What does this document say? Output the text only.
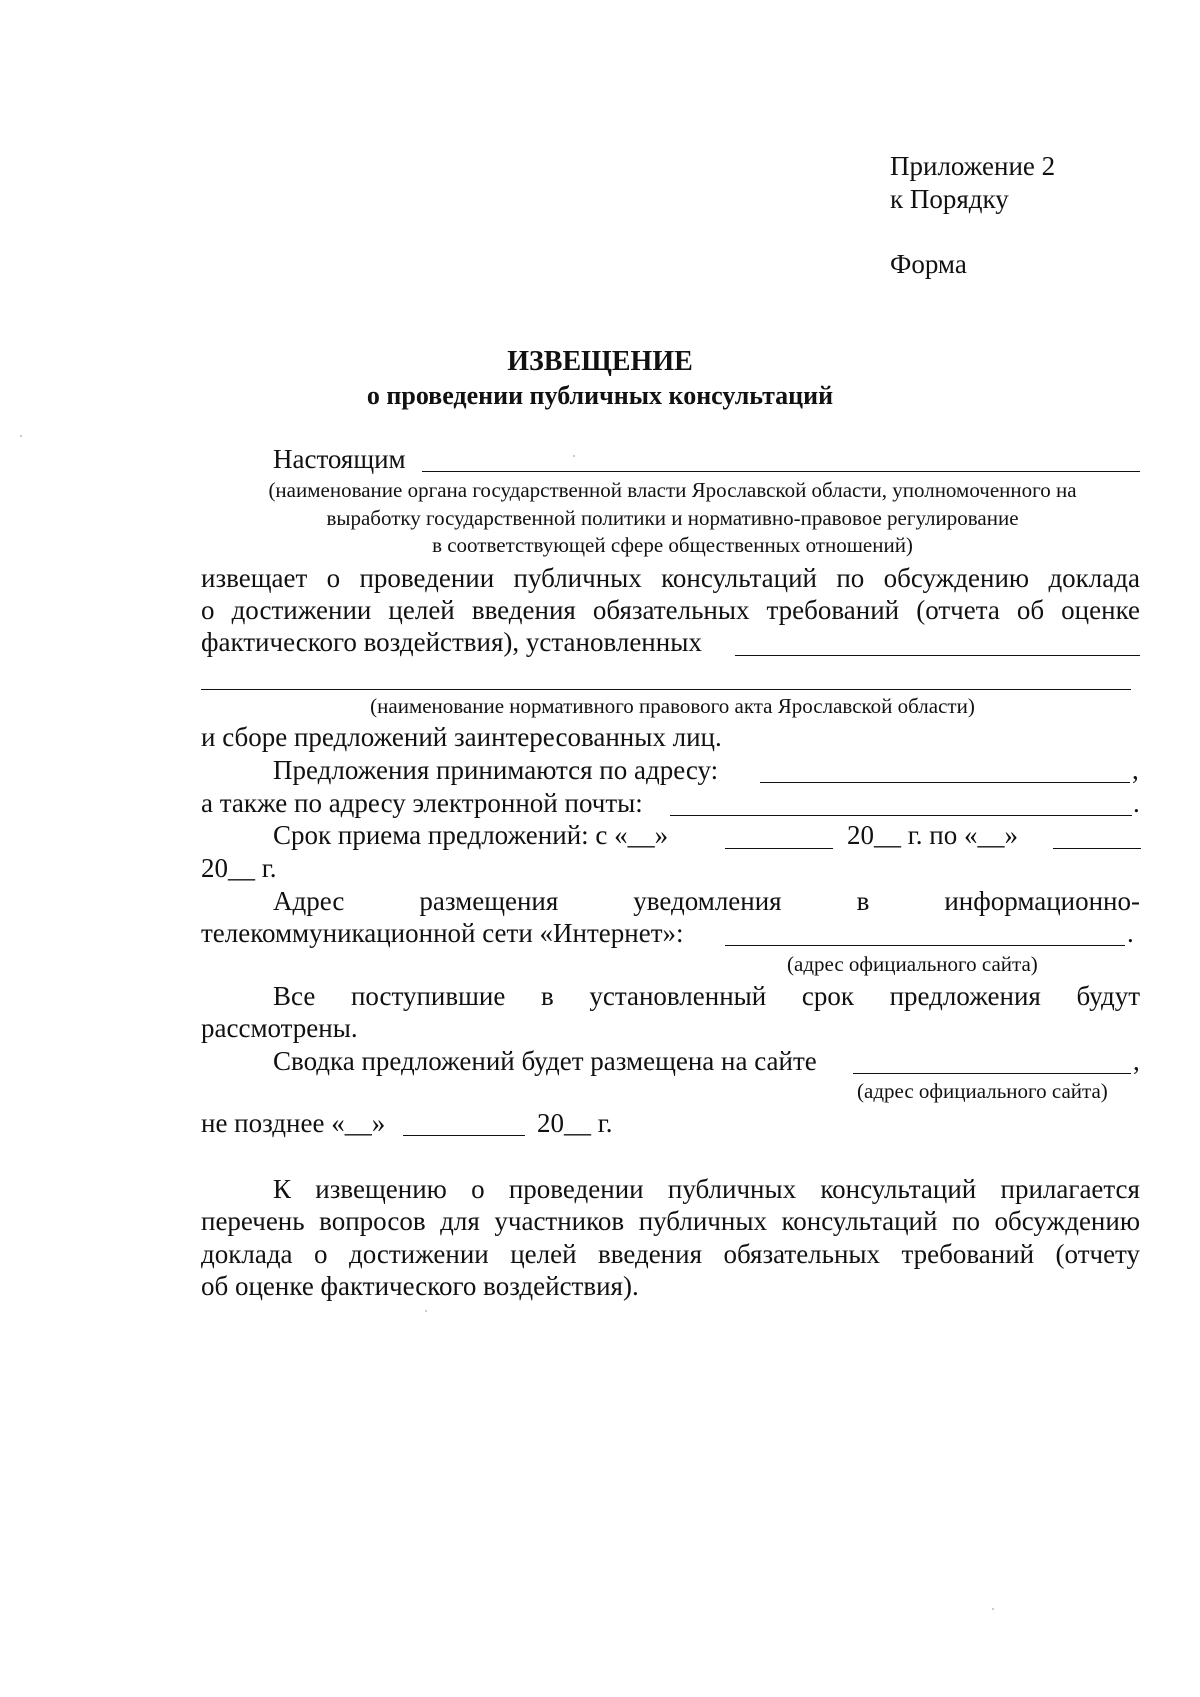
Приложение 2
к Порядку
Форма
ИЗВЕЩЕНИЕ
о проведении публичных консультаций
Настоящим
(наименование органа государственной власти Ярославской области, уполномоченного на
выработку государственной политики и нормативно-правовое регулирование
в соответствующей сфере общественных отношений)
извещает о проведении публичных консультаций по обсуждению доклада
о достижении целей введения обязательных требований (отчета об оценке
фактического воздействия), установленных
(наименование нормативного правового акта Ярославской области)
и сборе предложений заинтересованных лиц.
Предложения принимаются по адресу:	,
а также по адресу электронной почты:	.
Срок приема предложений: с «__»	20__ г. по «__»
20__ г.
Адрес	размещения	уведомления	в	информационно-
телекоммуникационной сети «Интернет»:	.
(адрес официального сайта)
Все поступившие в установленный срок предложения будут
рассмотрены.
Сводка предложений будет размещена на сайте	,
(адрес официального сайта)
не позднее «__»	20__ г.
К извещению о проведении публичных консультаций прилагается
перечень вопросов для участников публичных консультаций по обсуждению
доклада о достижении целей введения обязательных требований (отчету
об оценке фактического воздействия).
